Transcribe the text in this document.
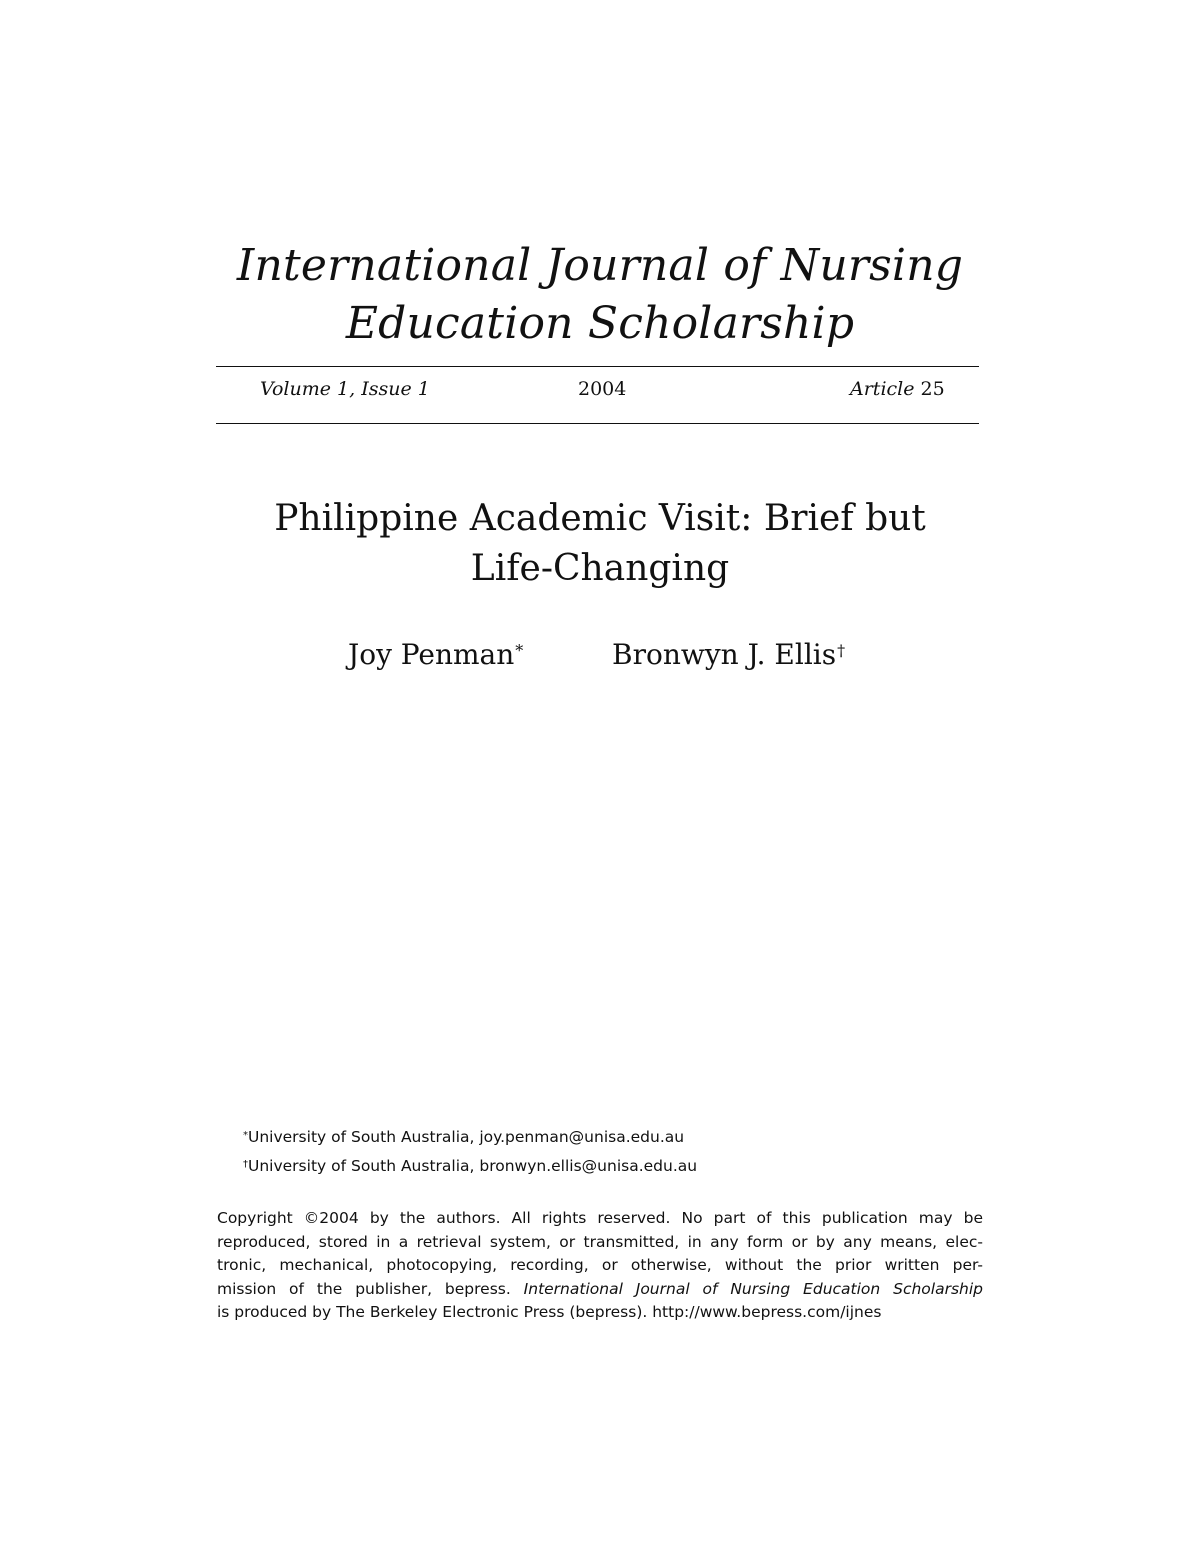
International Journal of Nursing
Education Scholarship
Volume 1, Issue 1	2004	Article 25
Philippine Academic Visit: Brief but
Life-Changing
Joy Penman*	Bronwyn J. Ellis†
*University of South Australia, joy.penman@unisa.edu.au
†University of South Australia, bronwyn.ellis@unisa.edu.au
Copyright ©2004 by the authors. All rights reserved. No part of this publication may be
reproduced, stored in a retrieval system, or transmitted, in any form or by any means, elec-
tronic, mechanical, photocopying, recording, or otherwise, without the prior written per-
mission of the publisher, bepress. International Journal of Nursing Education Scholarship
is produced by The Berkeley Electronic Press (bepress). http://www.bepress.com/ijnes
